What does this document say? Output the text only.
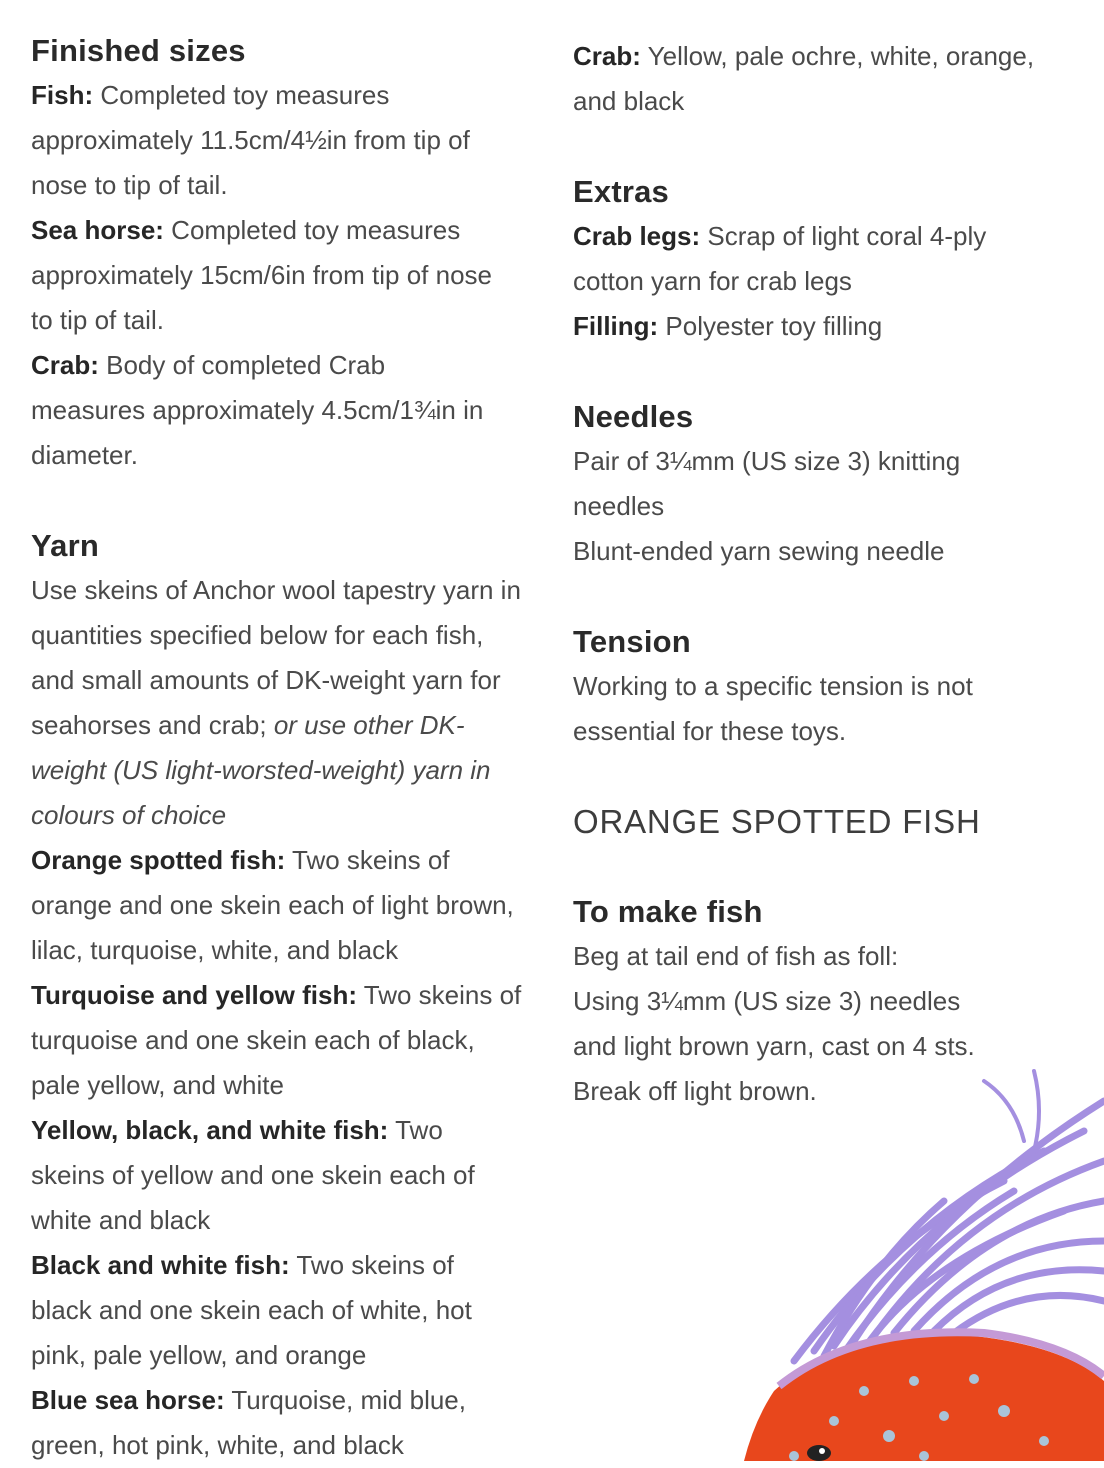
Finished sizes

Fish: Completed toy measures approximately 11.5cm/4½in from tip of nose to tip of tail.

Sea horse: Completed toy measures approximately 15cm/6in from tip of nose to tip of tail.

Crab: Body of completed Crab measures approximately 4.5cm/1¾in in diameter.

Yarn

Use skeins of Anchor wool tapestry yarn in quantities specified below for each fish, and small amounts of DK-weight yarn for seahorses and crab; or use other DK-weight (US light-worsted-weight) yarn in colours of choice

Orange spotted fish: Two skeins of orange and one skein each of light brown, lilac, turquoise, white, and black

Turquoise and yellow fish: Two skeins of turquoise and one skein each of black, pale yellow, and white

Yellow, black, and white fish: Two skeins of yellow and one skein each of white and black

Black and white fish: Two skeins of black and one skein each of white, hot pink, pale yellow, and orange

Blue sea horse: Turquoise, mid blue, green, hot pink, white, and black

Crab: Yellow, pale ochre, white, orange, and black

Extras

Crab legs: Scrap of light coral 4-ply cotton yarn for crab legs

Filling: Polyester toy filling

Needles

Pair of 3¼mm (US size 3) knitting needles

Blunt-ended yarn sewing needle

Tension

Working to a specific tension is not essential for these toys.

ORANGE SPOTTED FISH
To make fish

Beg at tail end of fish as foll:

Using 3¼mm (US size 3) needles and light brown yarn, cast on 4 sts.

Break off light brown.
